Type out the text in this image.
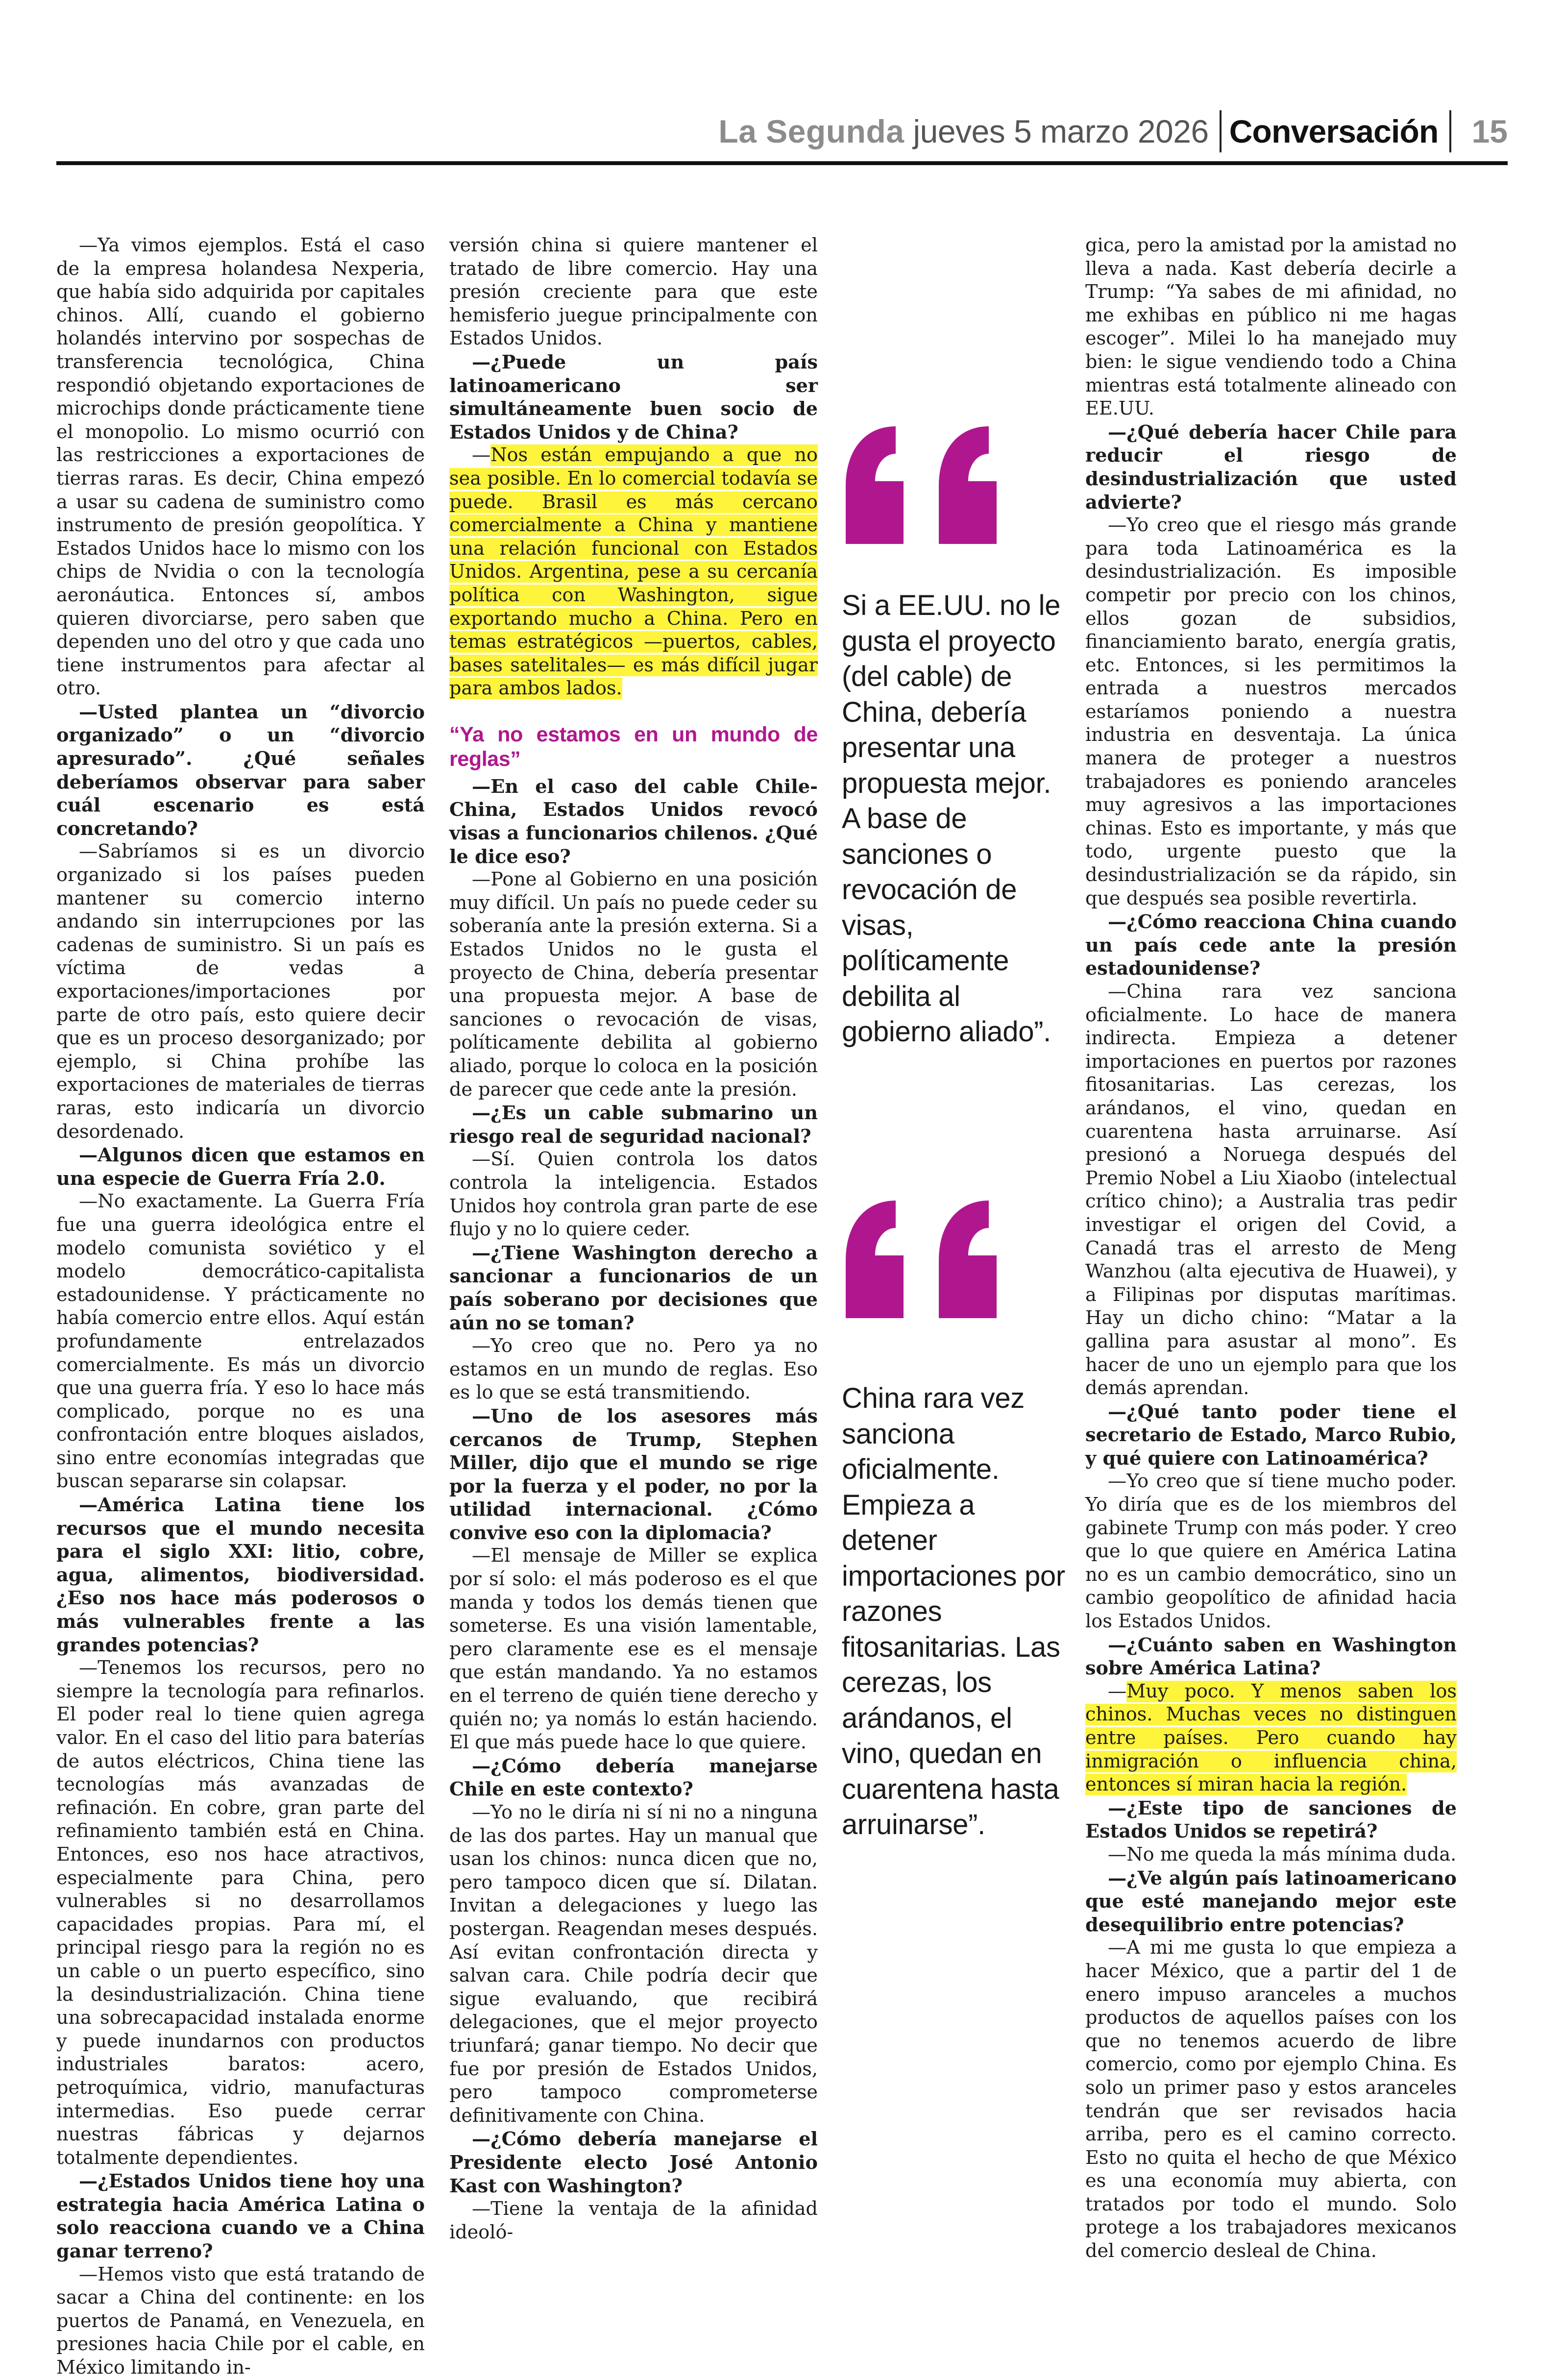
La Segunda jueves 5 marzo 2026 Conversación 15

—Ya vimos ejemplos. Está el caso de la empresa holandesa Nexperia, que había sido adquirida por capitales chinos. Allí, cuando el gobierno holandés intervino por sospechas de transferencia tecnológica, China respondió objetando exportaciones de microchips donde prácticamente tiene el monopolio. Lo mismo ocurrió con las restricciones a exportaciones de tierras raras. Es decir, China empezó a usar su cadena de suministro como instrumento de presión geopolítica. Y Estados Unidos hace lo mismo con los chips de Nvidia o con la tecnología aeronáutica. Entonces sí, ambos quieren divorciarse, pero saben que dependen uno del otro y que cada uno tiene instrumentos para afectar al otro.

—Usted plantea un “divorcio organizado” o un “divorcio apresurado”. ¿Qué señales deberíamos observar para saber cuál escenario es está concretando?

—Sabríamos si es un divorcio organizado si los países pueden mantener su comercio interno andando sin interrupciones por las cadenas de suministro. Si un país es víctima de vedas a exportaciones/importaciones por parte de otro país, esto quiere decir que es un proceso desorganizado; por ejemplo, si China prohíbe las exportaciones de materiales de tierras raras, esto indicaría un divorcio desordenado.

—Algunos dicen que estamos en una especie de Guerra Fría 2.0.

—No exactamente. La Guerra Fría fue una guerra ideológica entre el modelo comunista soviético y el modelo democrático-capitalista estadounidense. Y prácticamente no había comercio entre ellos. Aquí están profundamente entrelazados comercialmente. Es más un divorcio que una guerra fría. Y eso lo hace más complicado, porque no es una confrontación entre bloques aislados, sino entre economías integradas que buscan separarse sin colapsar.

—América Latina tiene los recursos que el mundo necesita para el siglo XXI: litio, cobre, agua, alimentos, biodiversidad. ¿Eso nos hace más poderosos o más vulnerables frente a las grandes potencias?

—Tenemos los recursos, pero no siempre la tecnología para refinarlos. El poder real lo tiene quien agrega valor. En el caso del litio para baterías de autos eléctricos, China tiene las tecnologías más avanzadas de refinación. En cobre, gran parte del refinamiento también está en China. Entonces, eso nos hace atractivos, especialmente para China, pero vulnerables si no desarrollamos capacidades propias. Para mí, el principal riesgo para la región no es un cable o un puerto específico, sino la desindustrialización. China tiene una sobrecapacidad instalada enorme y puede inundarnos con productos industriales baratos: acero, petroquímica, vidrio, manufacturas intermedias. Eso puede cerrar nuestras fábricas y dejarnos totalmente dependientes.

—¿Estados Unidos tiene hoy una estrategia hacia América Latina o solo reacciona cuando ve a China ganar terreno?

—Hemos visto que está tratando de sacar a China del continente: en los puertos de Panamá, en Venezuela, en presiones hacia Chile por el cable, en México limitando in-

versión china si quiere mantener el tratado de libre comercio. Hay una presión creciente para que este hemisferio juegue principalmente con Estados Unidos.

—¿Puede un país latinoamericano ser simultáneamente buen socio de Estados Unidos y de China?

—Nos están empujando a que no sea posible. En lo comercial todavía se puede. Brasil es más cercano comercialmente a China y mantiene una relación funcional con Estados Unidos. Argentina, pese a su cercanía política con Washington, sigue exportando mucho a China. Pero en temas estratégicos —puertos, cables, bases satelitales— es más difícil jugar para ambos lados.

“Ya no estamos en un mundo de reglas”

—En el caso del cable Chile-China, Estados Unidos revocó visas a funcionarios chilenos. ¿Qué le dice eso?

—Pone al Gobierno en una posición muy difícil. Un país no puede ceder su soberanía ante la presión externa. Si a Estados Unidos no le gusta el proyecto de China, debería presentar una propuesta mejor. A base de sanciones o revocación de visas, políticamente debilita al gobierno aliado, porque lo coloca en la posición de parecer que cede ante la presión.

—¿Es un cable submarino un riesgo real de seguridad nacional?

—Sí. Quien controla los datos controla la inteligencia. Estados Unidos hoy controla gran parte de ese flujo y no lo quiere ceder.

—¿Tiene Washington derecho a sancionar a funcionarios de un país soberano por decisiones que aún no se toman?

—Yo creo que no. Pero ya no estamos en un mundo de reglas. Eso es lo que se está transmitiendo.

—Uno de los asesores más cercanos de Trump, Stephen Miller, dijo que el mundo se rige por la fuerza y el poder, no por la utilidad internacional. ¿Cómo convive eso con la diplomacia?

—El mensaje de Miller se explica por sí solo: el más poderoso es el que manda y todos los demás tienen que someterse. Es una visión lamentable, pero claramente ese es el mensaje que están mandando. Ya no estamos en el terreno de quién tiene derecho y quién no; ya nomás lo están haciendo. El que más puede hace lo que quiere.

—¿Cómo debería manejarse Chile en este contexto?

—Yo no le diría ni sí ni no a ninguna de las dos partes. Hay un manual que usan los chinos: nunca dicen que no, pero tampoco dicen que sí. Dilatan. Invitan a delegaciones y luego las postergan. Reagendan meses después. Así evitan confrontación directa y salvan cara. Chile podría decir que sigue evaluando, que recibirá delegaciones, que el mejor proyecto triunfará; ganar tiempo. No decir que fue por presión de Estados Unidos, pero tampoco comprometerse definitivamente con China.

—¿Cómo debería manejarse el Presidente electo José Antonio Kast con Washington?

—Tiene la ventaja de la afinidad ideoló-

gica, pero la amistad por la amistad no lleva a nada. Kast debería decirle a Trump: “Ya sabes de mi afinidad, no me exhibas en público ni me hagas escoger”. Milei lo ha manejado muy bien: le sigue vendiendo todo a China mientras está totalmente alineado con EE.UU.

—¿Qué debería hacer Chile para reducir el riesgo de desindustrialización que usted advierte?

—Yo creo que el riesgo más grande para toda Latinoamérica es la desindustrialización. Es imposible competir por precio con los chinos, ellos gozan de subsidios, financiamiento barato, energía gratis, etc. Entonces, si les permitimos la entrada a nuestros mercados estaríamos poniendo a nuestra industria en desventaja. La única manera de proteger a nuestros trabajadores es poniendo aranceles muy agresivos a las importaciones chinas. Esto es importante, y más que todo, urgente puesto que la desindustrialización se da rápido, sin que después sea posible revertirla.

—¿Cómo reacciona China cuando un país cede ante la presión estadounidense?

—China rara vez sanciona oficialmente. Lo hace de manera indirecta. Empieza a detener importaciones en puertos por razones fitosanitarias. Las cerezas, los arándanos, el vino, quedan en cuarentena hasta arruinarse. Así presionó a Noruega después del Premio Nobel a Liu Xiaobo (intelectual crítico chino); a Australia tras pedir investigar el origen del Covid, a Canadá tras el arresto de Meng Wanzhou (alta ejecutiva de Huawei), y a Filipinas por disputas marítimas. Hay un dicho chino: “Matar a la gallina para asustar al mono”. Es hacer de uno un ejemplo para que los demás aprendan.

—¿Qué tanto poder tiene el secretario de Estado, Marco Rubio, y qué quiere con Latinoamérica?

—Yo creo que sí tiene mucho poder. Yo diría que es de los miembros del gabinete Trump con más poder. Y creo que lo que quiere en América Latina no es un cambio democrático, sino un cambio geopolítico de afinidad hacia los Estados Unidos.

—¿Cuánto saben en Washington sobre América Latina?

—Muy poco. Y menos saben los chinos. Muchas veces no distinguen entre países. Pero cuando hay inmigración o influencia china, entonces sí miran hacia la región.

—¿Este tipo de sanciones de Estados Unidos se repetirá?

—No me queda la más mínima duda.

—¿Ve algún país latinoamericano que esté manejando mejor este desequilibrio entre potencias?

—A mi me gusta lo que empieza a hacer México, que a partir del 1 de enero impuso aranceles a muchos productos de aquellos países con los que no tenemos acuerdo de libre comercio, como por ejemplo China. Es solo un primer paso y estos aranceles tendrán que ser revisados hacia arriba, pero es el camino correcto. Esto no quita el hecho de que México es una economía muy abierta, con tratados por todo el mundo. Solo protege a los trabajadores mexicanos del comercio desleal de China.

Si a EE.UU. no le gusta el proyecto (del cable) de China, debería presentar una propuesta mejor. A base de sanciones o revocación de visas, políticamente debilita al gobierno aliado”.
China rara vez sanciona oficialmente. Empieza a detener importaciones por razones fitosanitarias. Las cerezas, los arándanos, el vino, quedan en cuarentena hasta arruinarse”.
